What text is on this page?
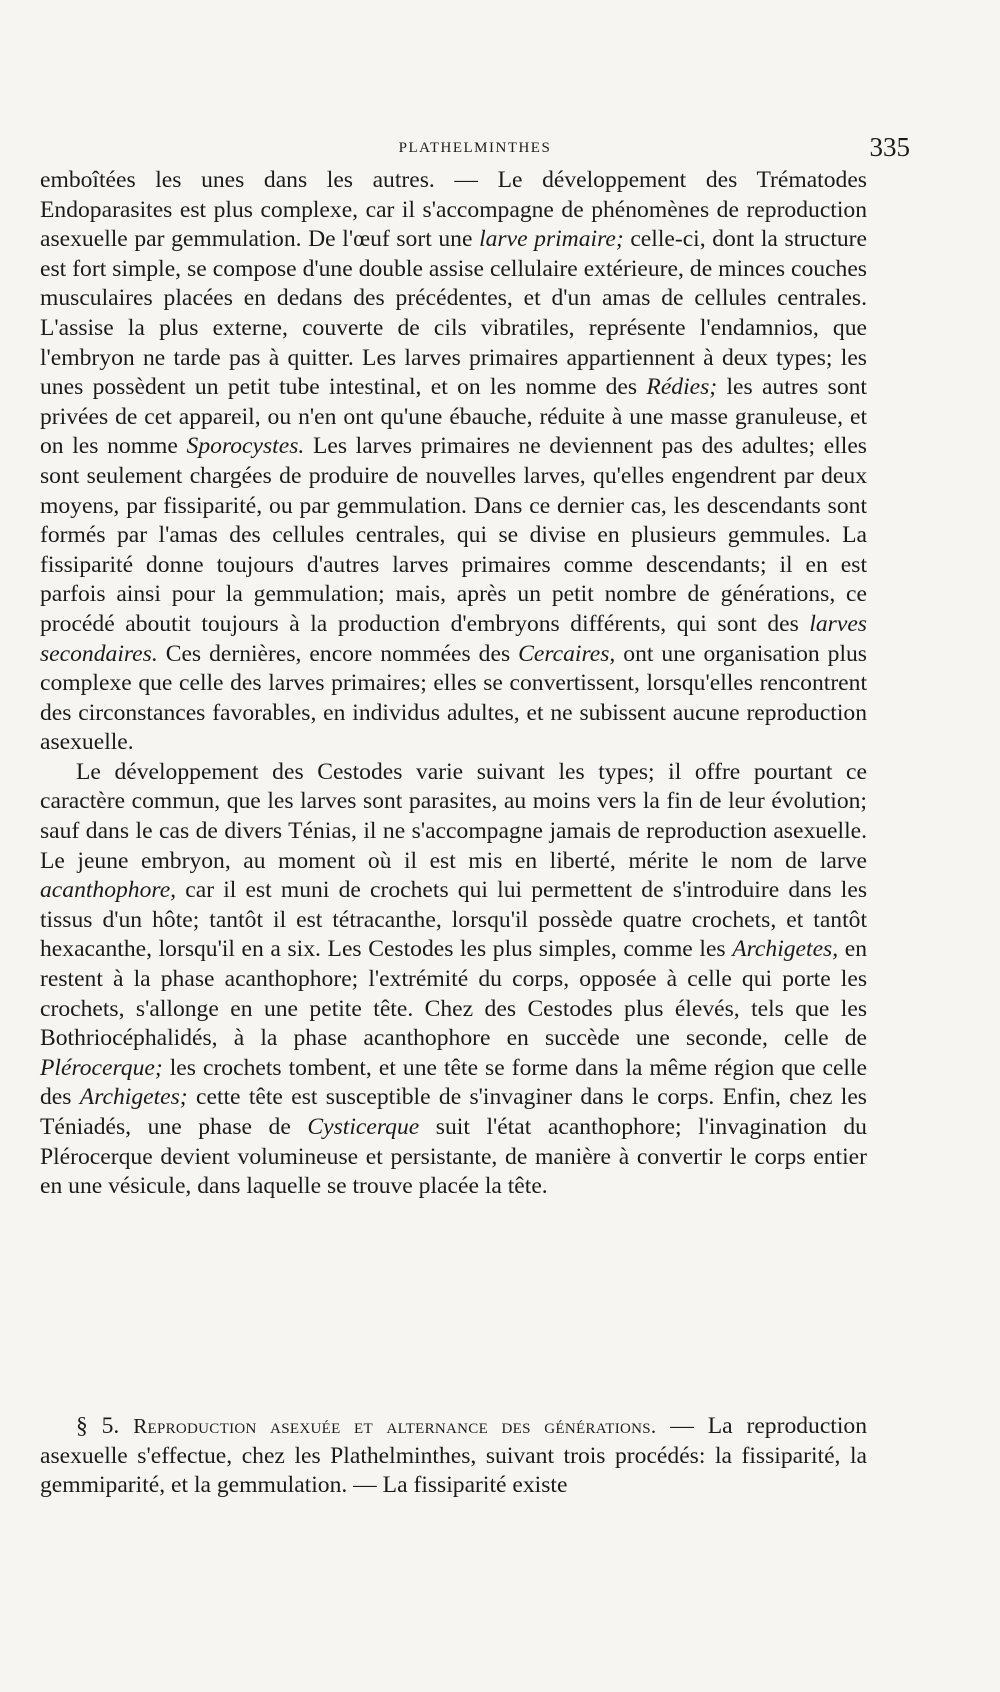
PLATHELMINTHES	335

emboîtées les unes dans les autres. — Le développement des Trématodes Endoparasites est plus complexe, car il s'accompagne de phénomènes de reproduction asexuelle par gemmulation. De l'œuf sort une larve primaire; celle-ci, dont la structure est fort simple, se compose d'une double assise cellulaire extérieure, de minces couches musculaires placées en dedans des précédentes, et d'un amas de cellules centrales. L'assise la plus externe, couverte de cils vibratiles, représente l'endamnios, que l'embryon ne tarde pas à quitter. Les larves primaires appartiennent à deux types; les unes possèdent un petit tube intestinal, et on les nomme des Rédies; les autres sont privées de cet appareil, ou n'en ont qu'une ébauche, réduite à une masse granuleuse, et on les nomme Sporocystes. Les larves primaires ne deviennent pas des adultes; elles sont seulement chargées de produire de nouvelles larves, qu'elles engendrent par deux moyens, par fissiparité, ou par gemmulation. Dans ce dernier cas, les descendants sont formés par l'amas des cellules centrales, qui se divise en plusieurs gemmules. La fissiparité donne toujours d'autres larves primaires comme descendants; il en est parfois ainsi pour la gemmulation; mais, après un petit nombre de générations, ce procédé aboutit toujours à la production d'embryons différents, qui sont des larves secondaires. Ces dernières, encore nommées des Cercaires, ont une organisation plus complexe que celle des larves primaires; elles se convertissent, lorsqu'elles rencontrent des circonstances favorables, en individus adultes, et ne subissent aucune reproduction asexuelle.

Le développement des Cestodes varie suivant les types; il offre pourtant ce caractère commun, que les larves sont parasites, au moins vers la fin de leur évolution; sauf dans le cas de divers Ténias, il ne s'accompagne jamais de reproduction asexuelle. Le jeune embryon, au moment où il est mis en liberté, mérite le nom de larve acanthophore, car il est muni de crochets qui lui permettent de s'introduire dans les tissus d'un hôte; tantôt il est tétracanthe, lorsqu'il possède quatre crochets, et tantôt hexacanthe, lorsqu'il en a six. Les Cestodes les plus simples, comme les Archigetes, en restent à la phase acanthophore; l'extrémité du corps, opposée à celle qui porte les crochets, s'allonge en une petite tête. Chez des Cestodes plus élevés, tels que les Bothriocéphalidés, à la phase acanthophore en succède une seconde, celle de Plérocerque; les crochets tombent, et une tête se forme dans la même région que celle des Archigetes; cette tête est susceptible de s'invaginer dans le corps. Enfin, chez les Téniadés, une phase de Cysticerque suit l'état acanthophore; l'invagination du Plérocerque devient volumineuse et persistante, de manière à convertir le corps entier en une vésicule, dans laquelle se trouve placée la tête.

§ 5. Reproduction asexuée et alternance des générations. — La reproduction asexuelle s'effectue, chez les Plathelminthes, suivant trois procédés: la fissiparité, la gemmiparité, et la gemmulation. — La fissiparité existe
